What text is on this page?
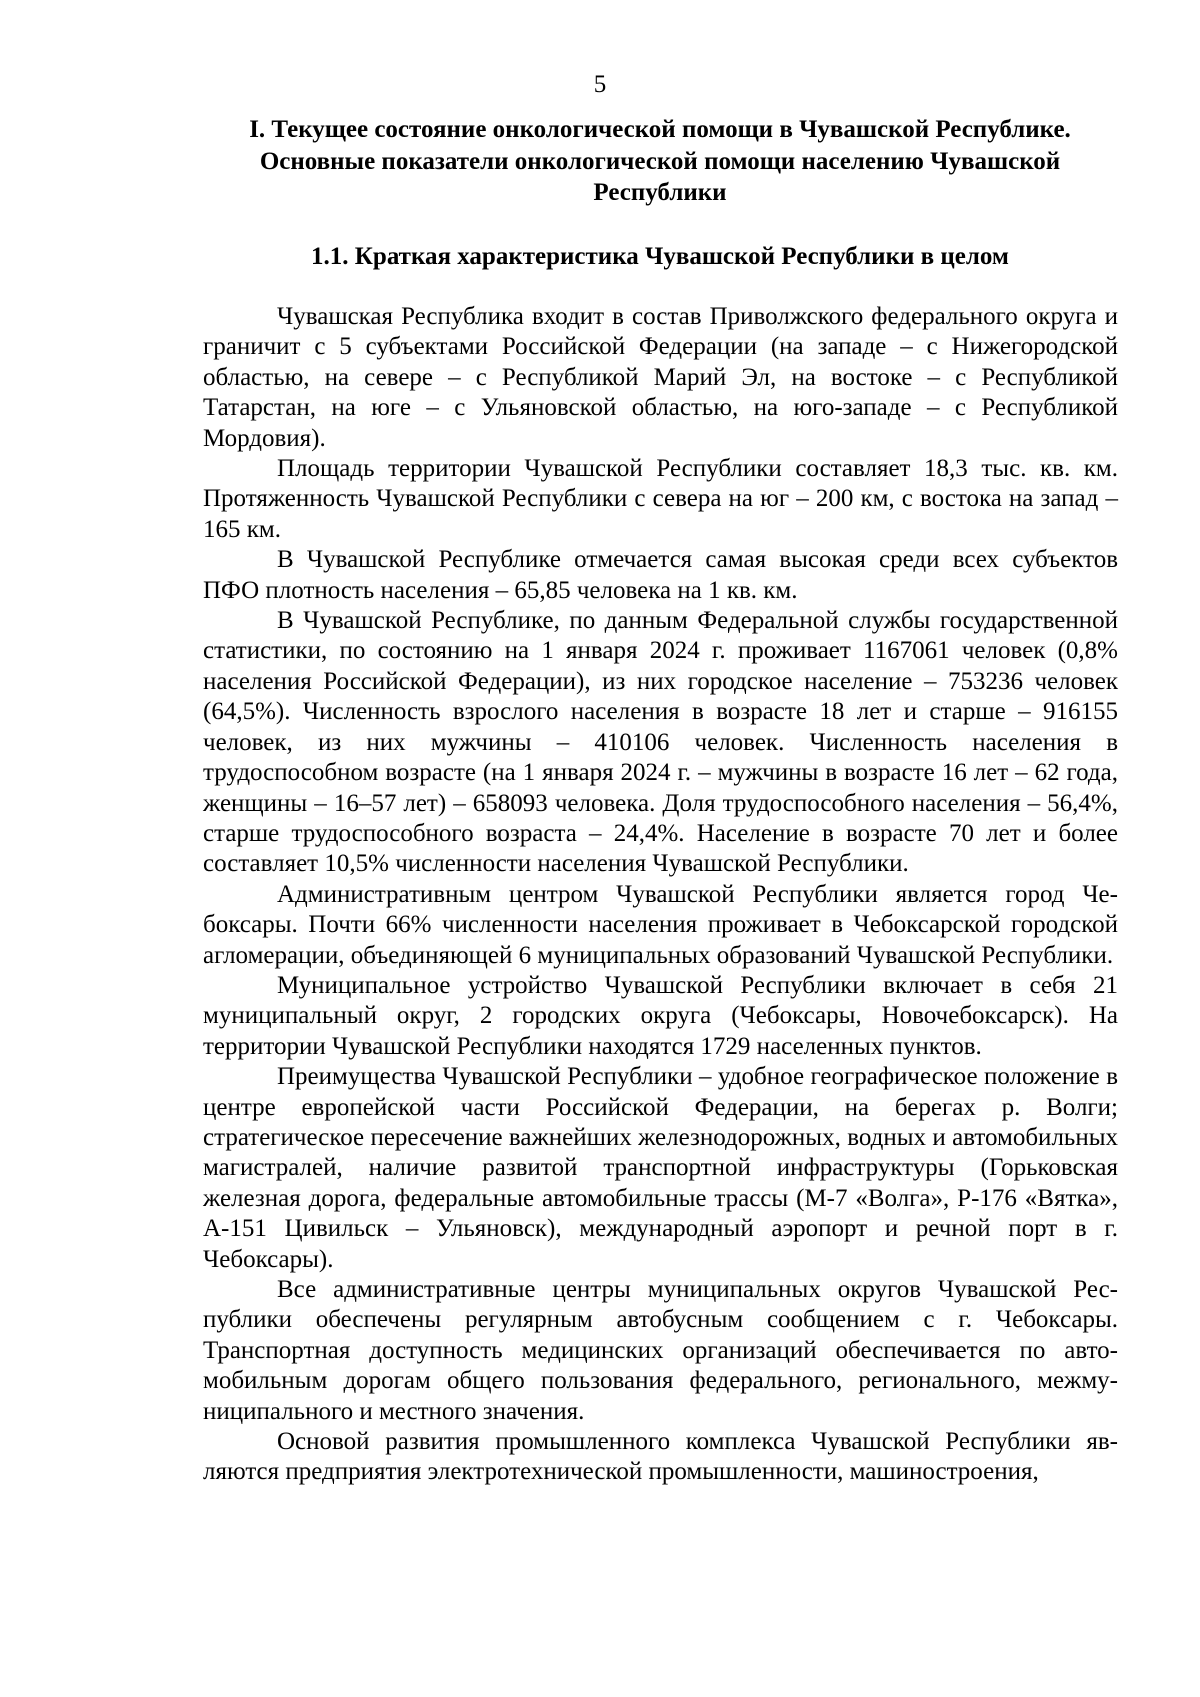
5
I. Текущее состояние онкологической помощи в Чувашской Республике. Основные показатели онкологической помощи населению Чувашской Республики
1.1. Краткая характеристика Чувашской Республики в целом

Чувашская Республика входит в состав Приволжского федерального округа и граничит с 5 субъектами Российской Федерации (на западе – с Нижегородской областью, на севере – с Республикой Марий Эл, на востоке – с Республикой Татарстан, на юге – с Ульяновской областью, на юго-западе – с Республикой Мордовия).

Площадь территории Чувашской Республики составляет 18,3 тыс. кв. км. Протяженность Чувашской Республики с севера на юг – 200 км, с востока на запад – 165 км.

В Чувашской Республике отмечается самая высокая среди всех субъектов ПФО плотность населения – 65,85 человека на 1 кв. км.

В Чувашской Республике, по данным Федеральной службы государственной статистики, по состоянию на 1 января 2024 г. проживает 1167061 человек (0,8% населения Российской Федерации), из них городское население – 753236 человек (64,5%). Численность взрослого населения в возрасте 18 лет и старше – 916155 человек, из них мужчины – 410106 человек. Численность населения в трудоспособном возрасте (на 1 января 2024 г. – мужчины в возрасте 16 лет – 62 года, женщины – 16–57 лет) – 658093 человека. Доля трудоспособного населения – 56,4%, старше трудоспособного возраста – 24,4%. Население в возрасте 70 лет и более составляет 10,5% численности населения Чувашской Республики.

Административным центром Чувашской Республики является город Чебоксары. Почти 66% численности населения проживает в Чебоксарской городской агломерации, объединяющей 6 муниципальных образований Чувашской Республики.

Муниципальное устройство Чувашской Республики включает в себя 21 муниципальный округ, 2 городских округа (Чебоксары, Новочебоксарск). На территории Чувашской Республики находятся 1729 населенных пунктов.

Преимущества Чувашской Республики – удобное географическое положение в центре европейской части Российской Федерации, на берегах р. Волги; стратегическое пересечение важнейших железнодорожных, водных и автомобильных магистралей, наличие развитой транспортной инфраструктуры (Горьковская железная дорога, федеральные автомобильные трассы (М-7 «Волга», Р-176 «Вятка», А-151 Цивильск – Ульяновск), международный аэропорт и речной порт в г. Чебоксары).

Все административные центры муниципальных округов Чувашской Республики обеспечены регулярным автобусным сообщением с г. Чебоксары. Транспортная доступность медицинских организаций обеспечивается по автомобильным дорогам общего пользования федерального, регионального, межмуниципального и местного значения.

Основой развития промышленного комплекса Чувашской Республики являются предприятия электротехнической промышленности, машиностроения,
